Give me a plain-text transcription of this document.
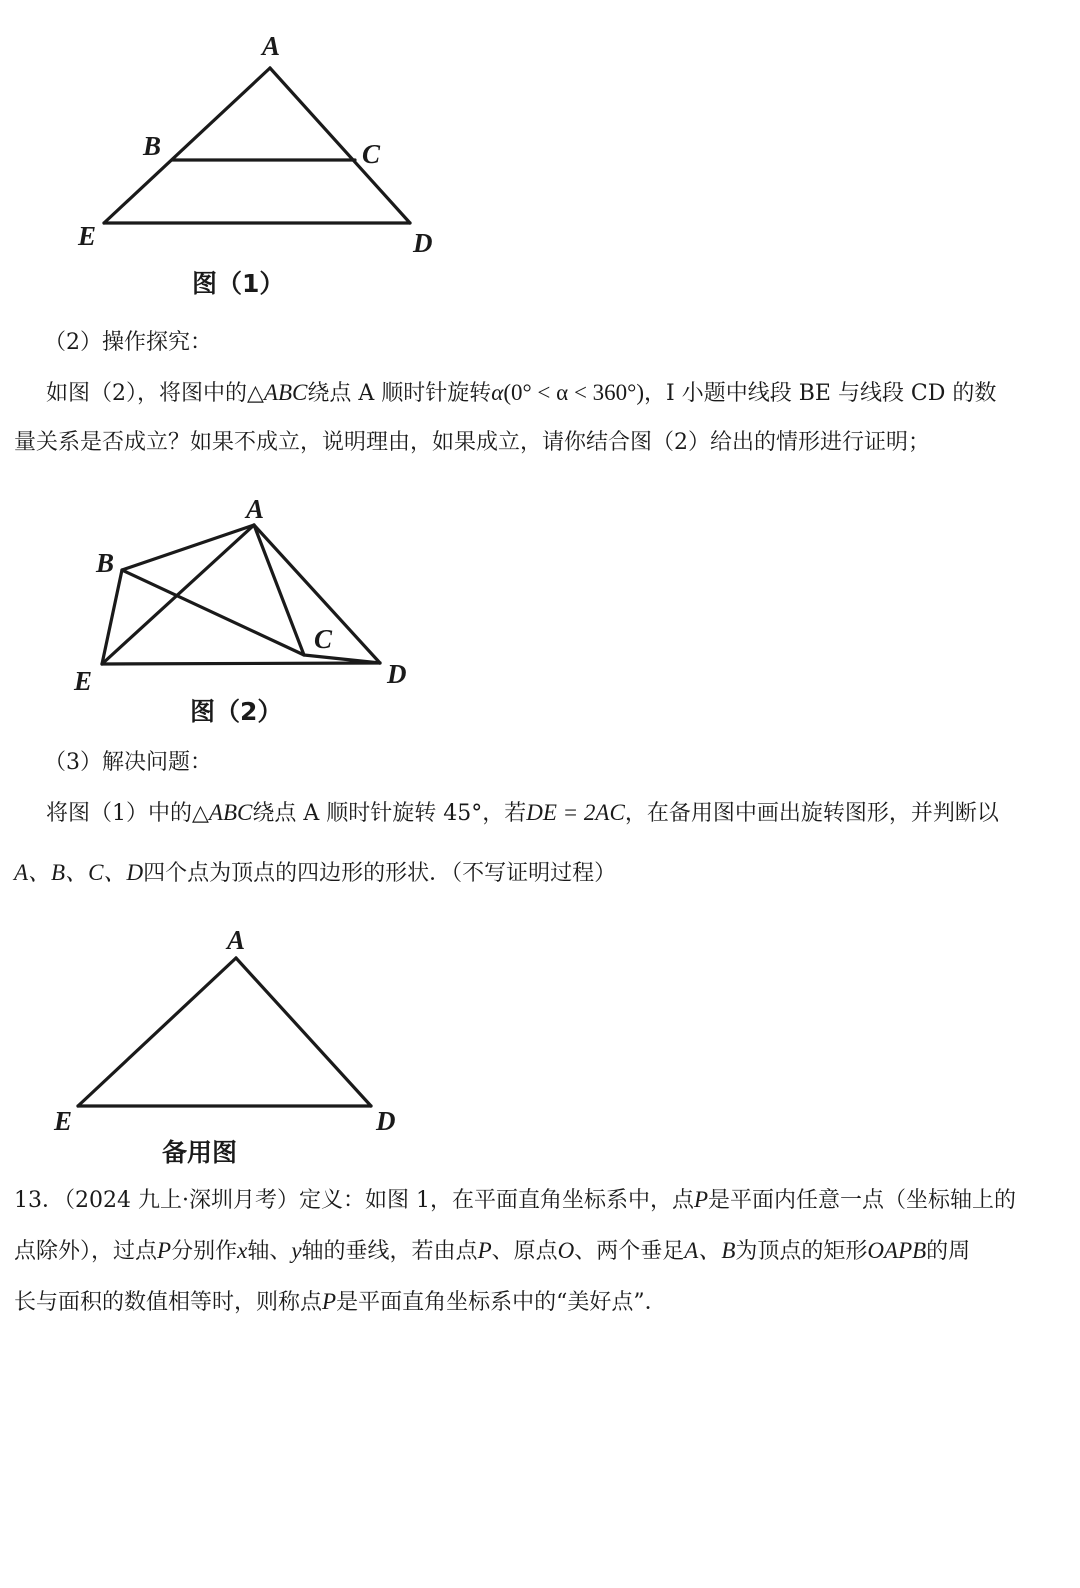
A
B	C
E	D
图（1）
A
B
C
E	D
图（2）
A
E	D
备用图
（2）操作探究：
如图（2），将图中的△ABC绕点 A 顺时针旋转α(0° < α < 360°)，I 小题中线段 BE 与线段 CD 的数
量关系是否成立？如果不成立，说明理由，如果成立，请你结合图（2）给出的情形进行证明；
（3）解决问题：
将图（1）中的△ABC绕点 A 顺时针旋转 45°，若DE = 2AC，在备用图中画出旋转图形，并判断以
A、B、C、D四个点为顶点的四边形的形状．（不写证明过程）
13．（2024 九上·深圳月考）定义：如图 1，在平面直角坐标系中，点P是平面内任意一点（坐标轴上的
点除外），过点P分别作x轴、y轴的垂线，若由点P、原点O、两个垂足A、B为顶点的矩形OAPB的周
长与面积的数值相等时，则称点P是平面直角坐标系中的“美好点”．
